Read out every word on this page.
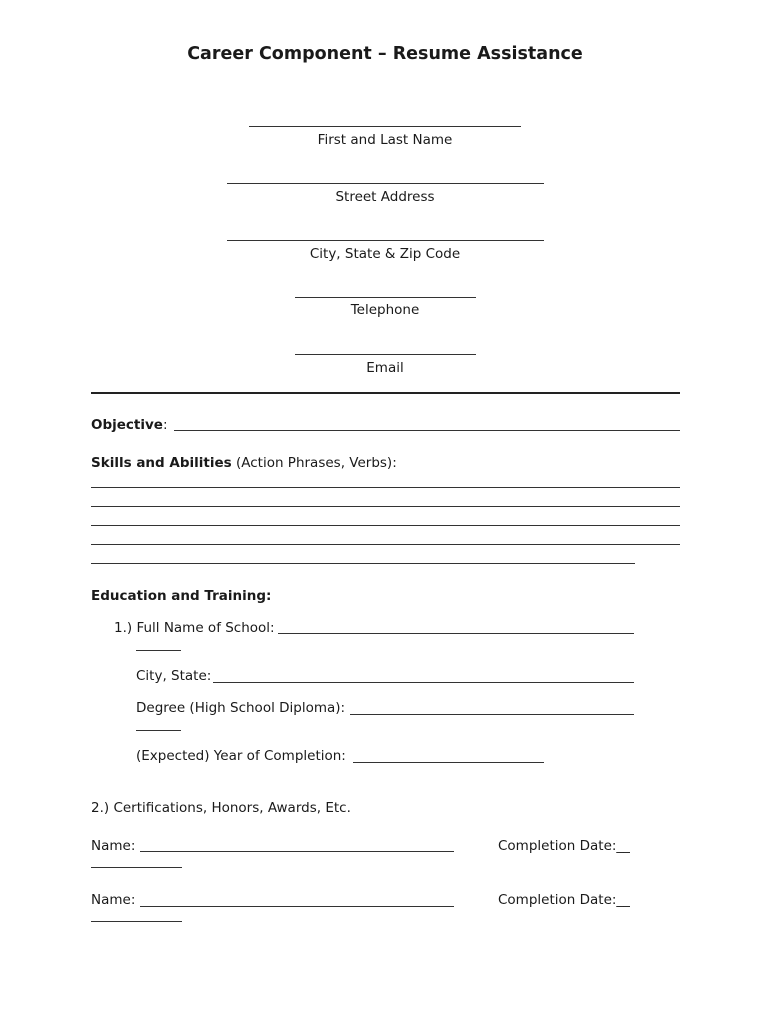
Career Component – Resume Assistance
First and Last Name
Street Address
City, State & Zip Code
Telephone
Email
Objective:
Skills and Abilities (Action Phrases, Verbs):
Education and Training:
1.) Full Name of School:
City, State:
Degree (High School Diploma):
(Expected) Year of Completion:
2.) Certifications, Honors, Awards, Etc.
Name:	Completion Date:__
Name:	Completion Date:__
